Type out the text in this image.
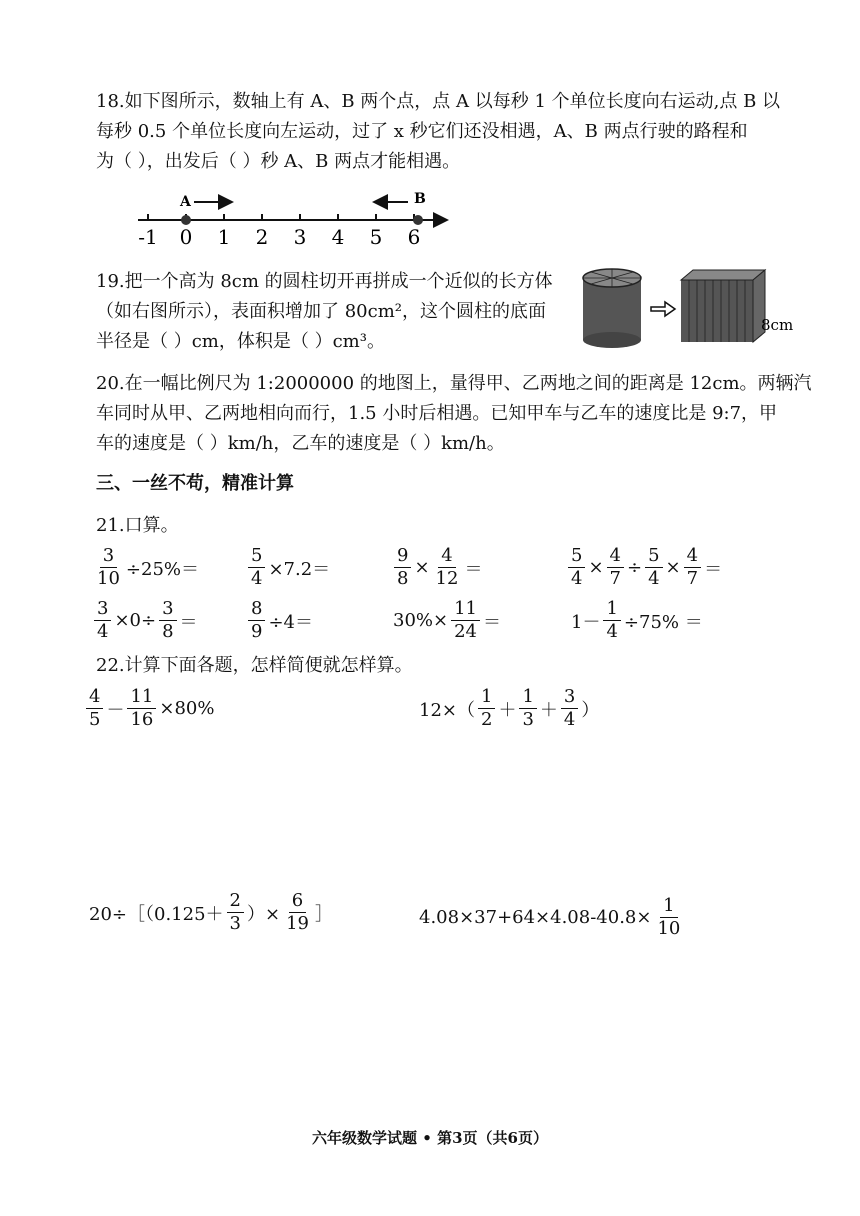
18.如下图所示，数轴上有 A、B 两个点，点 A 以每秒 1 个单位长度向右运动,点 B 以
每秒 0.5 个单位长度向左运动，过了 x 秒它们还没相遇，A、B 两点行驶的路程和
为（ ），出发后（ ）秒 A、B 两点才能相遇。
-1 0 1 2 3 4 5 6
A	B
19.把一个高为 8cm 的圆柱切开再拼成一个近似的长方体
（如右图所示），表面积增加了 80cm²，这个圆柱的底面
半径是（ ）cm，体积是（ ）cm³。
8cm
20.在一幅比例尺为 1:2000000 的地图上，量得甲、乙两地之间的距离是 12cm。两辆汽
车同时从甲、乙两地相向而行，1.5 小时后相遇。已知甲车与乙车的速度比是 9:7，甲
车的速度是（ ）km/h，乙车的速度是（ ）km/h。
三、一丝不苟，精准计算
21.口算。
$\frac{3}{10} \div 25\%=$	$\frac{5}{4} \times 7.2=$	$\frac{9}{8} \times \frac{4}{12}$ ＝	$\frac{5}{4} \times \frac{4}{7} \div \frac{5}{4} \times \frac{4}{7}$ ＝
$\frac{3}{4} \times 0\div \frac{3}{8}$ ＝	$\frac{8}{9} \div 4=$	$30\%\times \frac{11}{24}$ ＝	$1- \frac{1}{4} \div 75\%$ ＝
22.计算下面各题，怎样简便就怎样算。
$\frac{4}{5} - \frac{11}{16} \times 80\%$	$12\times( \frac{1}{2} + \frac{1}{3} + \frac{3}{4}$ ）
20÷［（0.125＋ $\frac{2}{3}$ ）× $\frac{6}{19}$ ］	$4.08\times 37+64\times 4.08-40.8\times \frac{1}{10}$
六年级数学试题 • 第3页（共6页）
